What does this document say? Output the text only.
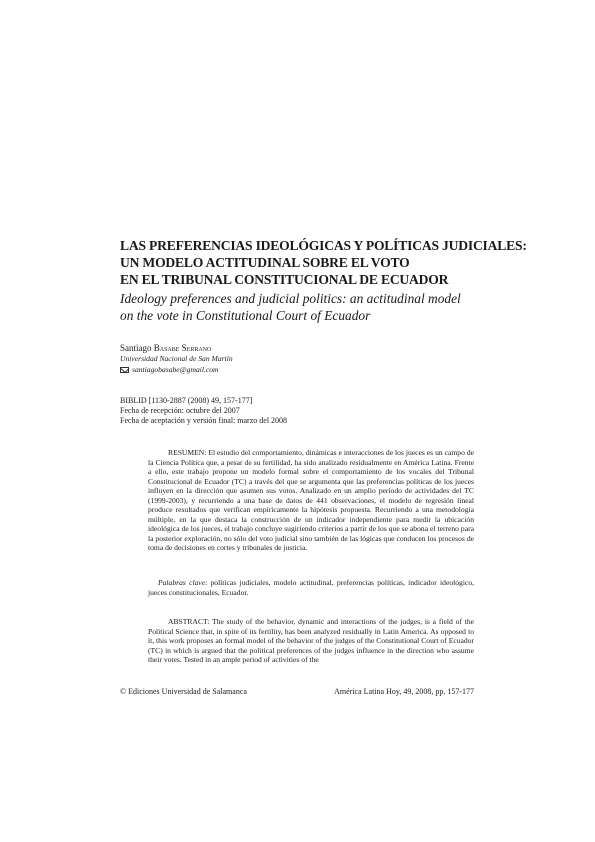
LAS PREFERENCIAS IDEOLÓGICAS Y POLÍTICAS JUDICIALES:
UN MODELO ACTITUDINAL SOBRE EL VOTO
EN EL TRIBUNAL CONSTITUCIONAL DE ECUADOR
Ideology preferences and judicial politics: an actitudinal model
on the vote in Constitutional Court of Ecuador
Santiago Basabe Serrano
Universidad Nacional de San Martín
santiagobasabe@gmail.com
BIBLID [1130-2887 (2008) 49, 157-177]
Fecha de recepción: octubre del 2007
Fecha de aceptación y versión final: marzo del 2008

RESUMEN: El estudio del comportamiento, dinámicas e interacciones de los jueces es un campo de la Ciencia Política que, a pesar de su fertilidad, ha sido analizado residualmente en América Latina. Frente a ello, este trabajo propone un modelo formal sobre el comportamiento de los vocales del Tribunal Constitucional de Ecuador (TC) a través del que se argumenta que las preferencias políticas de los jueces influyen en la dirección que asumen sus votos. Analizado en un amplio período de actividades del TC (1999-2003), y recurriendo a una base de datos de 441 observaciones, el modelo de regresión lineal produce resultados que verifican empíricamente la hipótesis propuesta. Recurriendo a una metodología múltiple, en la que destaca la construcción de un indicador independiente para medir la ubicación ideológica de los jueces, el trabajo concluye sugiriendo criterios a partir de los que se abona el terreno para la posterior exploración, no sólo del voto judicial sino también de las lógicas que conducen los procesos de toma de decisiones en cortes y tribunales de justicia.

Palabras clave: políticas judiciales, modelo actitudinal, preferencias políticas, indicador ideológico, jueces constitucionales, Ecuador.

ABSTRACT: The study of the behavior, dynamic and interactions of the judges, is a field of the Political Science that, in spite of its fertility, has been analyzed residually in Latin America. As opposed to it, this work proposes an formal model of the behavior of the judges of the Constitutional Court of Ecuador (TC) in which is argued that the political preferences of the judges influence in the direction who assume their votes. Tested in an ample period of activities of the

© Ediciones Universidad de Salamanca	América Latina Hoy, 49, 2008, pp. 157-177
